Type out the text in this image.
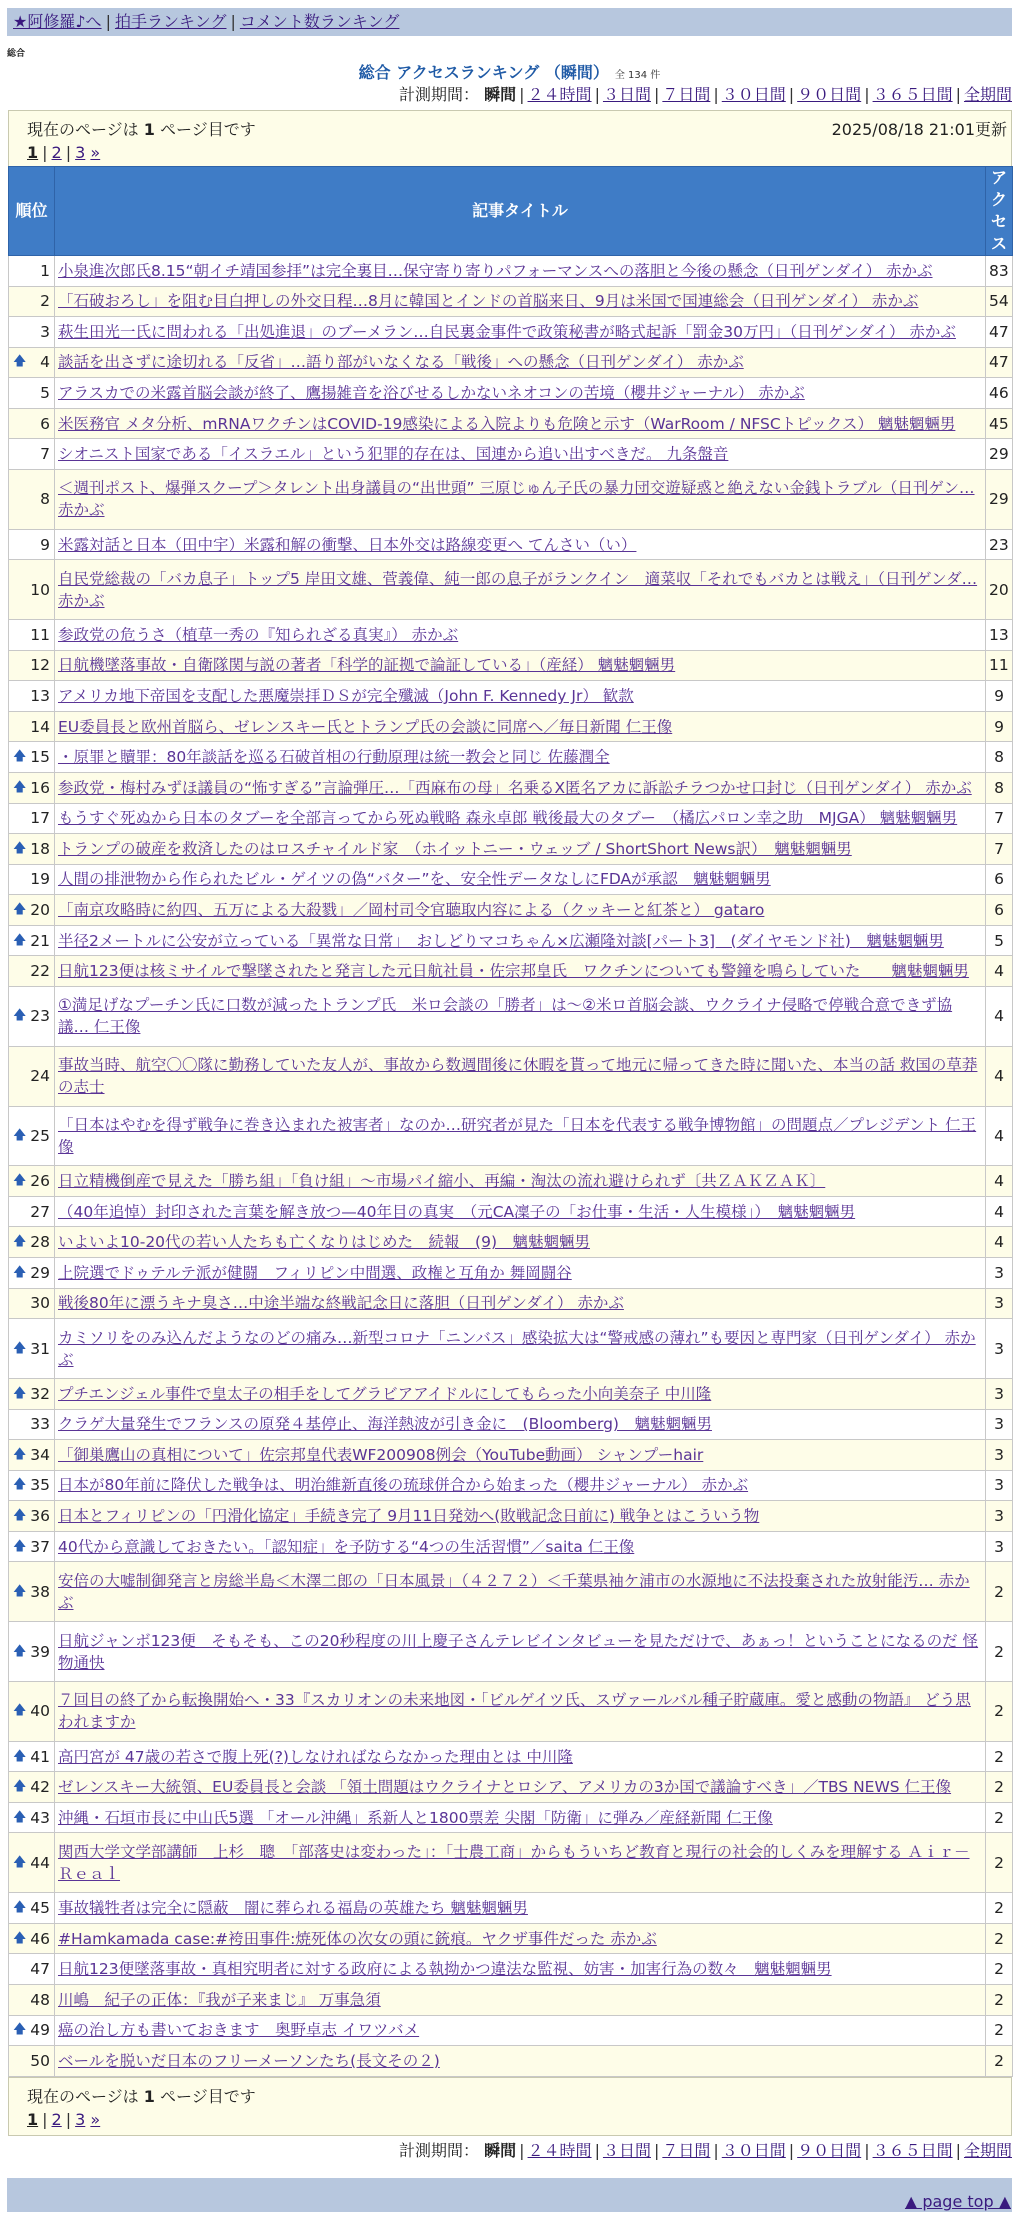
★阿修羅♪へ | 拍手ランキング | コメント数ランキング
総合
総合 アクセスランキング （瞬間） 全 134 件
計測期間： 瞬間 | ２４時間 | ３日間 | ７日間 | ３０日間 | ９０日間 | ３６５日間 | 全期間
現在のページは 1 ページ目です	2025/08/18 21:01更新
1 | 2 | 3 »
順位	記事タイトル	アクセス
1	小泉進次郎氏8.15“朝イチ靖国参拝”は完全裏目…保守寄り寄りパフォーマンスへの落胆と今後の懸念（日刊ゲンダイ） 赤かぶ	83
2	「石破おろし」を阻む目白押しの外交日程…8月に韓国とインドの首脳来日、9月は米国で国連総会（日刊ゲンダイ） 赤かぶ	54
3	萩生田光一氏に問われる「出処進退」のブーメラン…自民裏金事件で政策秘書が略式起訴「罰金30万円」（日刊ゲンダイ） 赤かぶ	47

🡅 4	談話を出さずに途切れる「反省」…語り部がいなくなる「戦後」への懸念（日刊ゲンダイ） 赤かぶ	47
5	アラスカでの米露首脳会談が終了、鷹揚雑音を浴びせるしかないネオコンの苦境（櫻井ジャーナル） 赤かぶ	46
6	米医務官 メタ分析、mRNAワクチンはCOVID-19感染による入院よりも危険と示す（WarRoom / NFSCトピックス） 魑魅魍魎男	45
7	シオニスト国家である「イスラエル」という犯罪的存在は、国連から追い出すべきだ。 九条盤音	29
8	＜週刊ポスト、爆弾スクープ＞タレント出身議員の“出世頭” 三原じゅん子氏の暴力団交遊疑惑と絶えない金銭トラブル（日刊ゲン… 赤かぶ	29
9	米露対話と日本（田中宇）米露和解の衝撃、日本外交は路線変更へ てんさい（い）	23
10	自民党総裁の「バカ息子」トップ5 岸田文雄、菅義偉、純一郎の息子がランクイン　適菜収「それでもバカとは戦え」（日刊ゲンダ… 赤かぶ	20
11	参政党の危うさ（植草一秀の『知られざる真実』） 赤かぶ	13
12	日航機墜落事故・自衛隊関与説の著者「科学的証拠で論証している」（産経） 魑魅魍魎男	11
13	アメリカ地下帝国を支配した悪魔崇拝ＤＳが完全殲滅（John F. Kennedy Jr） 歓款	9
14	EU委員長と欧州首脳ら、ゼレンスキー氏とトランプ氏の会談に同席へ／毎日新聞 仁王像	9

🡅 15	・原罪と贖罪：80年談話を巡る石破首相の行動原理は統一教会と同じ 佐藤潤全	8

🡅 16	参政党・梅村みずほ議員の“怖すぎる”言論弾圧…「西麻布の母」名乗るX匿名アカに訴訟チラつかせ口封じ（日刊ゲンダイ） 赤かぶ	8
17	もうすぐ死ぬから日本のタブーを全部言ってから死ぬ戦略 森永卓郎 戦後最大のタブー　（橘広パロン幸之助　MJGA） 魑魅魍魎男	7

🡅 18	トランプの破産を救済したのはロスチャイルド家　（ホイットニー・ウェッブ / ShortShort News訳）　魑魅魍魎男	7
19	人間の排泄物から作られたビル・ゲイツの偽“バター”を、安全性データなしにFDAが承認　魑魅魍魎男	6

🡅 20	「南京攻略時に約四、五万による大殺戮」／岡村司令官聴取内容による（クッキーと紅茶と） gataro	6

🡅 21	半径2メートルに公安が立っている「異常な日常」　おしどりマコちゃん×広瀬隆対談[パート3]　(ダイヤモンド社)　魑魅魍魎男	5
22	日航123便は核ミサイルで撃墜されたと発言した元日航社員・佐宗邦皇氏　ワクチンについても警鐘を鳴らしていた　　魑魅魍魎男	4

🡅 23	①満足げなプーチン氏に口数が減ったトランプ氏　米ロ会談の「勝者」は～②米ロ首脳会談、ウクライナ侵略で停戦合意できず協議… 仁王像	4
24	事故当時、航空〇〇隊に勤務していた友人が、事故から数週間後に休暇を貰って地元に帰ってきた時に聞いた、本当の話 救国の草莽の志士	4

🡅 25	「日本はやむを得ず戦争に巻き込まれた被害者」なのか…研究者が見た「日本を代表する戦争博物館」の問題点／プレジデント 仁王像	4

🡅 26	日立精機倒産で見えた「勝ち組」「負け組」～市場パイ縮小、再編・淘汰の流れ避けられず〔共ＺＡＫＺＡＫ〕	4
27	（40年追悼）封印された言葉を解き放つ—40年目の真実　（元CA凜子の「お仕事・生活・人生模様」）　魑魅魍魎男	4

🡅 28	いよいよ10-20代の若い人たちも亡くなりはじめた　続報　(9)　魑魅魍魎男	4

🡅 29	上院選でドゥテルテ派が健闘　フィリピン中間選、政権と互角か 舞岡闘谷	3
30	戦後80年に漂うキナ臭さ…中途半端な終戦記念日に落胆（日刊ゲンダイ） 赤かぶ	3

🡅 31	カミソリをのみ込んだようなのどの痛み…新型コロナ「ニンバス」感染拡大は“警戒感の薄れ”も要因と専門家（日刊ゲンダイ） 赤かぶ	3

🡅 32	プチエンジェル事件で皇太子の相手をしてグラビアアイドルにしてもらった小向美奈子 中川隆	3
33	クラゲ大量発生でフランスの原発４基停止、海洋熱波が引き金に　(Bloomberg)　魑魅魍魎男	3

🡅 34	「御巣鷹山の真相について」佐宗邦皇代表WF200908例会（YouTube動画） シャンプーhair	3

🡅 35	日本が80年前に降伏した戦争は、明治維新直後の琉球併合から始まった（櫻井ジャーナル） 赤かぶ	3

🡅 36	日本とフィリピンの「円滑化協定」手続き完了 9月11日発効へ(敗戦記念日前に) 戦争とはこういう物	3

🡅 37	40代から意識しておきたい。「認知症」を予防する“4つの生活習慣”／saita 仁王像	3

🡅 38	安倍の大嘘制御発言と房総半島＜木澤二郎の「日本風景」（４２７２）＜千葉県袖ケ浦市の水源地に不法投棄された放射能汚… 赤かぶ	2

🡅 39	日航ジャンボ123便　そもそも、この20秒程度の川上慶子さんテレビインタビューを見ただけで、あぁっ！ということになるのだ 怪物通快	2

🡅 40	７回目の終了から転換開始へ・33『スカリオンの未来地図・「ビルゲイツ氏、スヴァールバル種子貯蔵庫。愛と感動の物語』 どう思われますか	2

🡅 41	高円宮が 47歳の若さで腹上死(?)しなければならなかった理由とは 中川隆	2

🡅 42	ゼレンスキー大統領、EU委員長と会談 「領土問題はウクライナとロシア、アメリカの3か国で議論すべき」／TBS NEWS 仁王像	2

🡅 43	沖縄・石垣市長に中山氏5選 「オール沖縄」系新人と1800票差 尖閣「防衛」に弾み／産経新聞 仁王像	2

🡅 44	関西大学文学部講師　上杉　聰　「部落史は変わった」：「士農工商」からもういちど教育と現行の社会的しくみを理解する Ａｉｒ－Ｒｅａｌ	2

🡅 45	事故犠牲者は完全に隠蔽　闇に葬られる福島の英雄たち 魑魅魍魎男	2

🡅 46	#Hamkamada case:#袴田事件:焼死体の次女の頭に銃痕。ヤクザ事件だった 赤かぶ	2
47	日航123便墜落事故・真相究明者に対する政府による執拗かつ違法な監視、妨害・加害行為の数々　魑魅魍魎男	2
48	川嶋　紀子の正体：『我が子来まじ』 万事急須	2

🡅 49	癌の治し方も書いておきます　奥野卓志 イワツバメ	2
50	ベールを脱いだ日本のフリーメーソンたち(長文その２)	2
現在のページは 1 ページ目です
1 | 2 | 3 »
計測期間： 瞬間 | ２４時間 | ３日間 | ７日間 | ３０日間 | ９０日間 | ３６５日間 | 全期間
▲ page top ▲
